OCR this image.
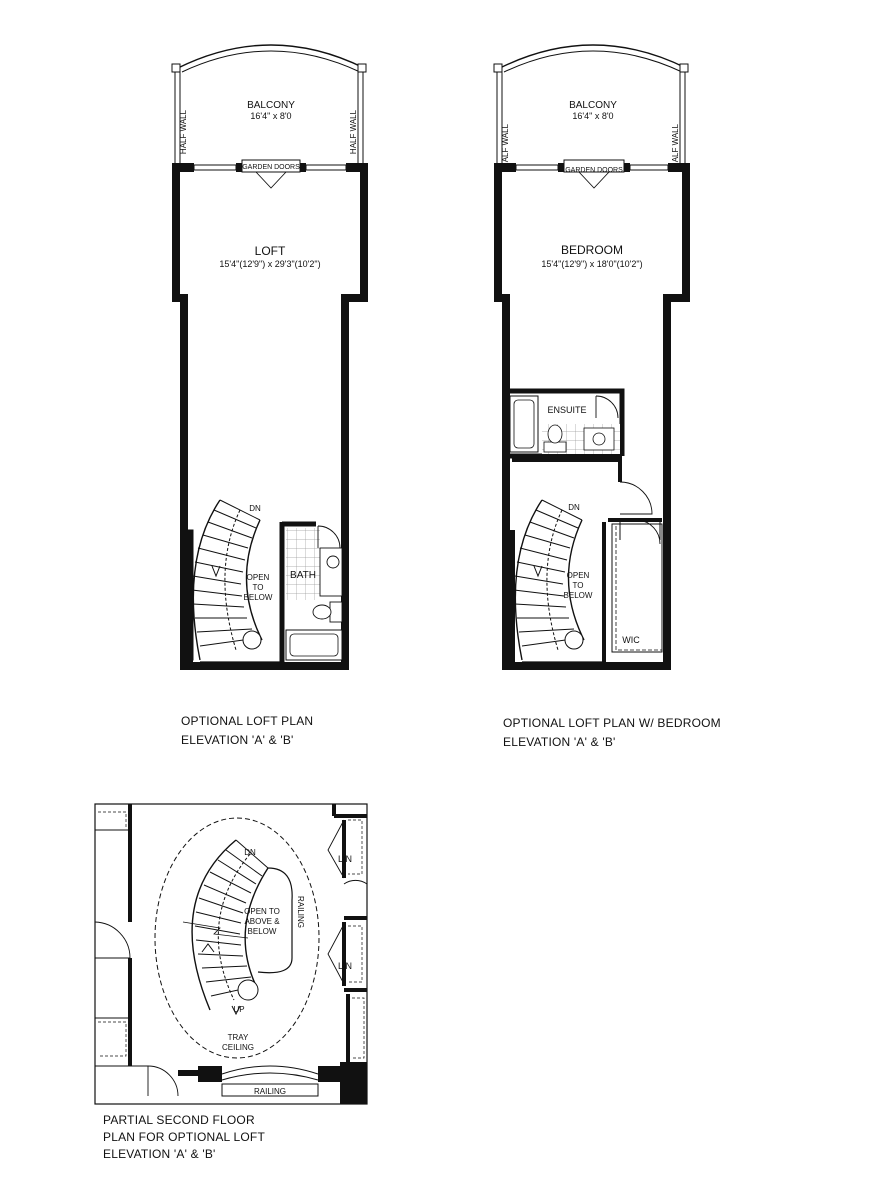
BALCONY
16'4" x 8'0
HALF WALL	HALF WALL
GARDEN DOORS
LOFT
15'4"(12'9") x 29'3"(10'2")
DN
OPEN
TO
BELOW
BATH
BALCONY
16'4" x 8'0
HALF WALL	HALF WALL
GARDEN DOORS
BEDROOM
15'4"(12'9") x 18'0"(10'2")
ENSUITE
DN
OPEN
TO
BELOW
WIC
DN
OPEN TO
ABOVE &
BELOW
RAILING
UP
LIN
LIN
TRAY
CEILING
RAILING
OPTIONAL LOFT PLAN
ELEVATION 'A' & 'B'
OPTIONAL LOFT PLAN W/ BEDROOM
ELEVATION 'A' & 'B'
PARTIAL SECOND FLOOR
PLAN FOR OPTIONAL LOFT
ELEVATION 'A' & 'B'
